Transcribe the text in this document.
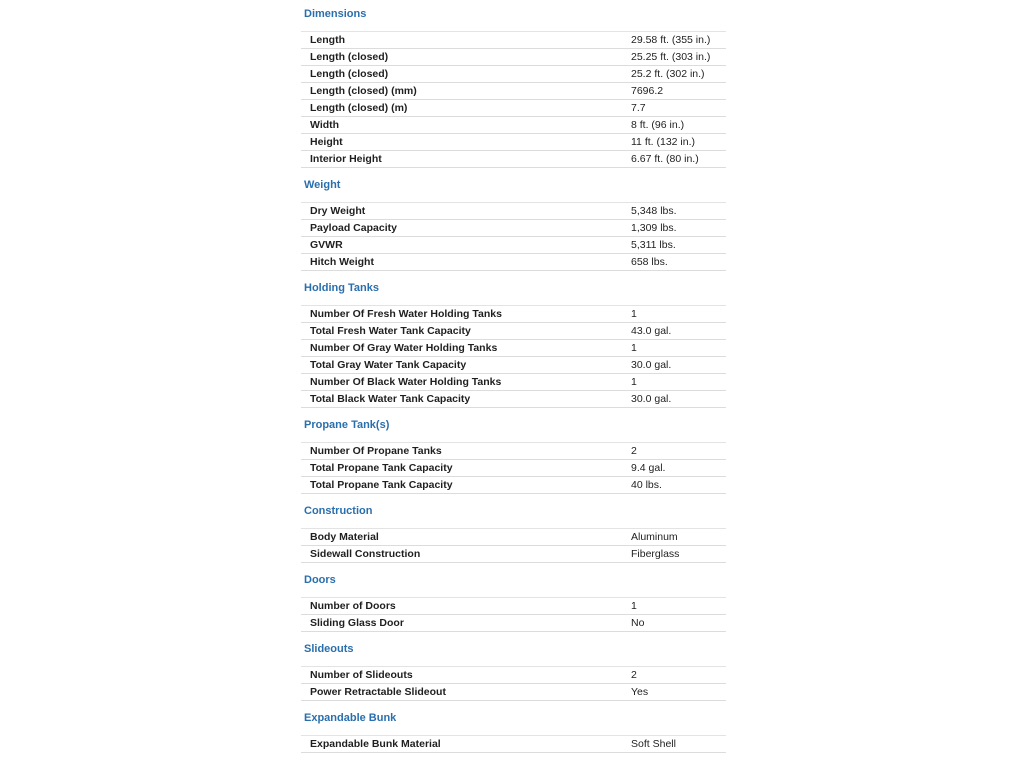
Dimensions
Length	29.58 ft. (355 in.)
Length (closed)	25.25 ft. (303 in.)
Length (closed)	25.2 ft. (302 in.)
Length (closed) (mm)	7696.2
Length (closed) (m)	7.7
Width	8 ft. (96 in.)
Height	11 ft. (132 in.)
Interior Height	6.67 ft. (80 in.)
Weight
Dry Weight	5,348 lbs.
Payload Capacity	1,309 lbs.
GVWR	5,311 lbs.
Hitch Weight	658 lbs.
Holding Tanks
Number Of Fresh Water Holding Tanks	1
Total Fresh Water Tank Capacity	43.0 gal.
Number Of Gray Water Holding Tanks	1
Total Gray Water Tank Capacity	30.0 gal.
Number Of Black Water Holding Tanks	1
Total Black Water Tank Capacity	30.0 gal.
Propane Tank(s)
Number Of Propane Tanks	2
Total Propane Tank Capacity	9.4 gal.
Total Propane Tank Capacity	40 lbs.
Construction
Body Material	Aluminum
Sidewall Construction	Fiberglass
Doors
Number of Doors	1
Sliding Glass Door	No
Slideouts
Number of Slideouts	2
Power Retractable Slideout	Yes
Expandable Bunk
Expandable Bunk Material	Soft Shell
